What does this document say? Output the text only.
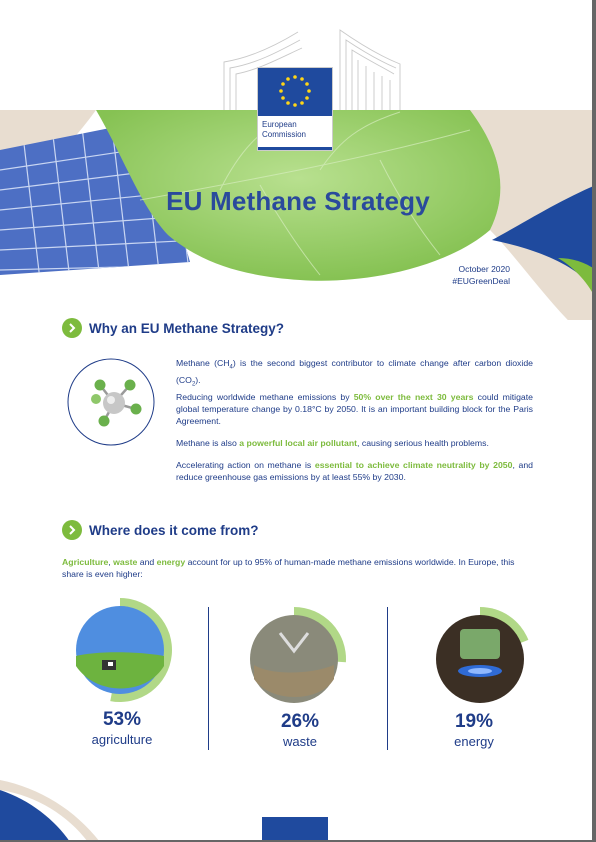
European
Commission
EU Methane Strategy
October 2020
#EUGreenDeal
Why an EU Methane Strategy?

Methane $(CH_4)$ is the second biggest contributor to climate change after carbon dioxide $(CO_2)$.

Reducing worldwide methane emissions by 50% over the next 30 years could mitigate global temperature change by 0.18°C by 2050. It is an important building block for the Paris Agreement.

Methane is also a powerful local air pollutant, causing serious health problems.

Accelerating action on methane is essential to achieve climate neutrality by 2050, and reduce greenhouse gas emissions by at least 55% by 2030.

Where does it come from?

Agriculture, waste and energy account for up to 95% of human-made methane emissions worldwide. In Europe, this share is even higher:

53%
agriculture
26%
waste
19%
energy
